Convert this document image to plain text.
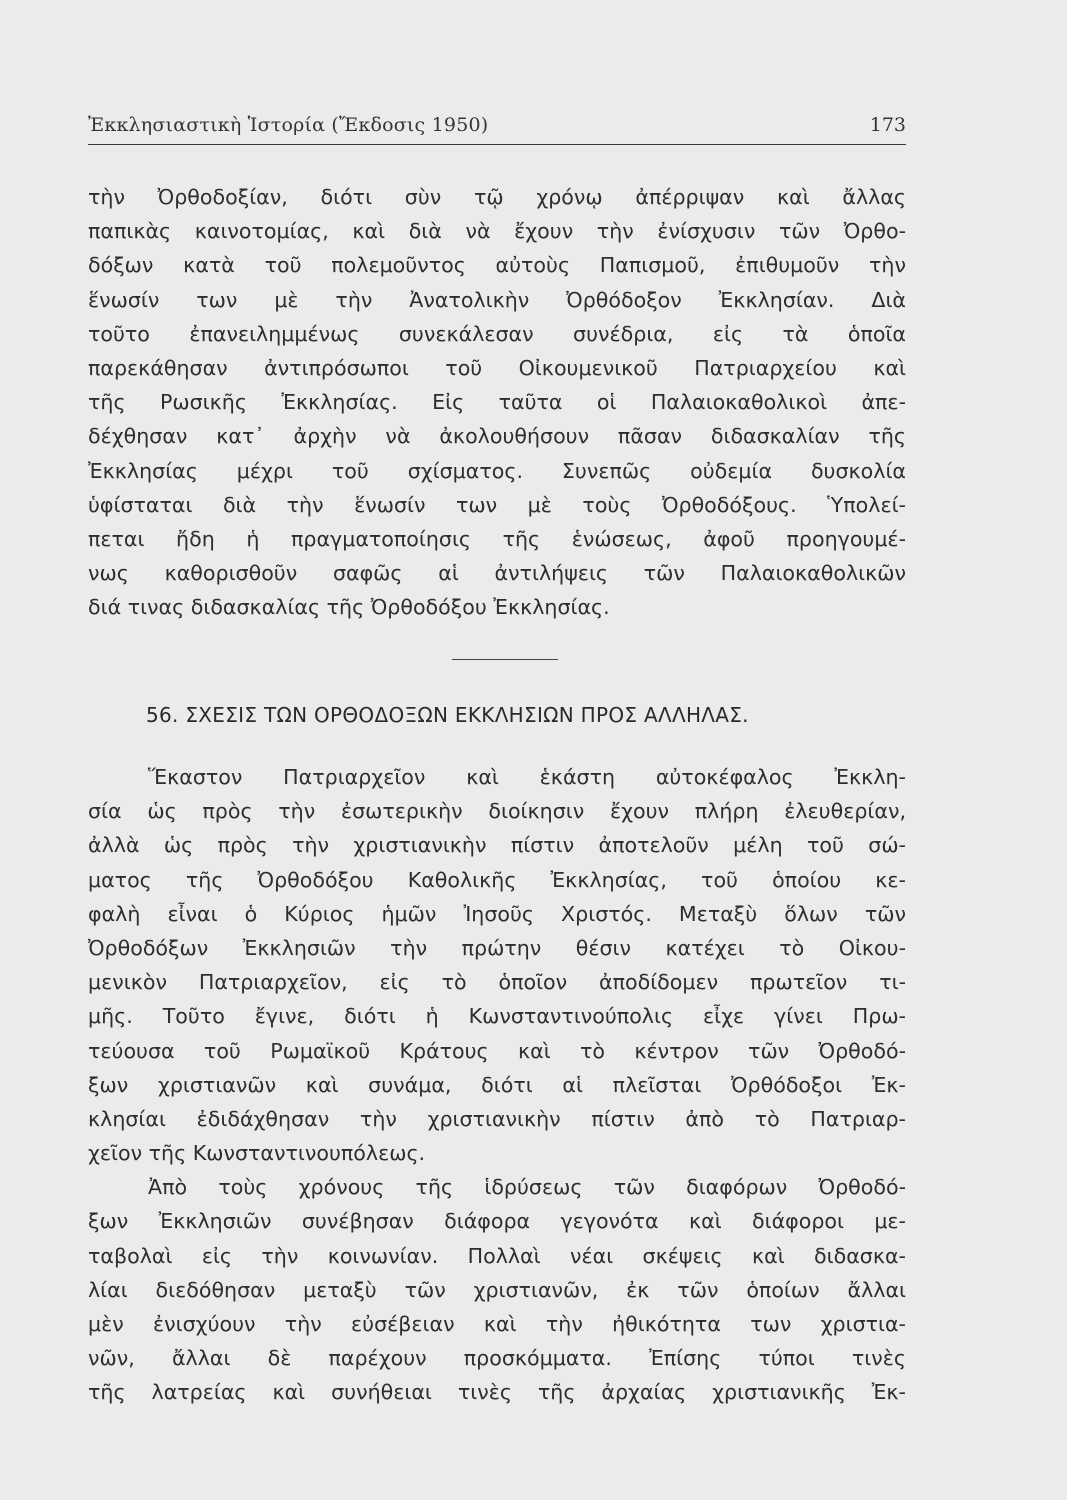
Ἐκκλησιαστικὴ Ἱστορία (Ἔκδοσις 1950)	173
τὴν Ὀρθοδοξίαν, διότι σὺν τῷ χρόνῳ ἀπέρριψαν καὶ ἄλλας
παπικὰς καινοτομίας, καὶ διὰ νὰ ἔχουν τὴν ἐνίσχυσιν τῶν Ὀρθο-
δόξων κατὰ τοῦ πολεμοῦντος αὐτοὺς Παπισμοῦ, ἐπιθυμοῦν τὴν
ἕνωσίν των μὲ τὴν Ἀνατολικὴν Ὀρθόδοξον Ἐκκλησίαν. Διὰ
τοῦτο ἐπανειλημμένως συνεκάλεσαν συνέδρια, εἰς τὰ ὁποῖα
παρεκάθησαν ἀντιπρόσωποι τοῦ Οἰκουμενικοῦ Πατριαρχείου καὶ
τῆς Ρωσικῆς Ἐκκλησίας. Εἰς ταῦτα οἱ Παλαιοκαθολικοὶ ἀπε-
δέχθησαν κατ᾽ ἀρχὴν νὰ ἀκολουθήσουν πᾶσαν διδασκαλίαν τῆς
Ἐκκλησίας μέχρι τοῦ σχίσματος. Συνεπῶς οὐδεμία δυσκολία
ὑφίσταται διὰ τὴν ἕνωσίν των μὲ τοὺς Ὀρθοδόξους. Ὑπολεί-
πεται ἤδη ἡ πραγματοποίησις τῆς ἑνώσεως, ἀφοῦ προηγουμέ-
νως καθορισθοῦν σαφῶς αἱ ἀντιλήψεις τῶν Παλαιοκαθολικῶν
διά τινας διδασκαλίας τῆς Ὀρθοδόξου Ἐκκλησίας.
56. ΣΧΕΣΙΣ ΤΩΝ ΟΡΘΟΔΟΞΩΝ ΕΚΚΛΗΣΙΩΝ ΠΡΟΣ ΑΛΛΗΛΑΣ.
Ἕκαστον Πατριαρχεῖον καὶ ἑκάστη αὐτοκέφαλος Ἐκκλη-
σία ὡς πρὸς τὴν ἐσωτερικὴν διοίκησιν ἔχουν πλήρη ἐλευθερίαν,
ἀλλὰ ὡς πρὸς τὴν χριστιανικὴν πίστιν ἀποτελοῦν μέλη τοῦ σώ-
ματος τῆς Ὀρθοδόξου Καθολικῆς Ἐκκλησίας, τοῦ ὁποίου κε-
φαλὴ εἶναι ὁ Κύριος ἡμῶν Ἰησοῦς Χριστός. Μεταξὺ ὅλων τῶν
Ὀρθοδόξων Ἐκκλησιῶν τὴν πρώτην θέσιν κατέχει τὸ Οἰκου-
μενικὸν Πατριαρχεῖον, εἰς τὸ ὁποῖον ἀποδίδομεν πρωτεῖον τι-
μῆς. Τοῦτο ἔγινε, διότι ἡ Κωνσταντινούπολις εἶχε γίνει Πρω-
τεύουσα τοῦ Ρωμαϊκοῦ Κράτους καὶ τὸ κέντρον τῶν Ὀρθοδό-
ξων χριστιανῶν καὶ συνάμα, διότι αἱ πλεῖσται Ὀρθόδοξοι Ἐκ-
κλησίαι ἐδιδάχθησαν τὴν χριστιανικὴν πίστιν ἀπὸ τὸ Πατριαρ-
χεῖον τῆς Κωνσταντινουπόλεως.
Ἀπὸ τοὺς χρόνους τῆς ἱδρύσεως τῶν διαφόρων Ὀρθοδό-
ξων Ἐκκλησιῶν συνέβησαν διάφορα γεγονότα καὶ διάφοροι με-
ταβολαὶ εἰς τὴν κοινωνίαν. Πολλαὶ νέαι σκέψεις καὶ διδασκα-
λίαι διεδόθησαν μεταξὺ τῶν χριστιανῶν, ἐκ τῶν ὁποίων ἄλλαι
μὲν ἐνισχύουν τὴν εὐσέβειαν καὶ τὴν ἠθικότητα των χριστια-
νῶν, ἄλλαι δὲ παρέχουν προσκόμματα. Ἐπίσης τύποι τινὲς
τῆς λατρείας καὶ συνήθειαι τινὲς τῆς ἀρχαίας χριστιανικῆς Ἐκ-
